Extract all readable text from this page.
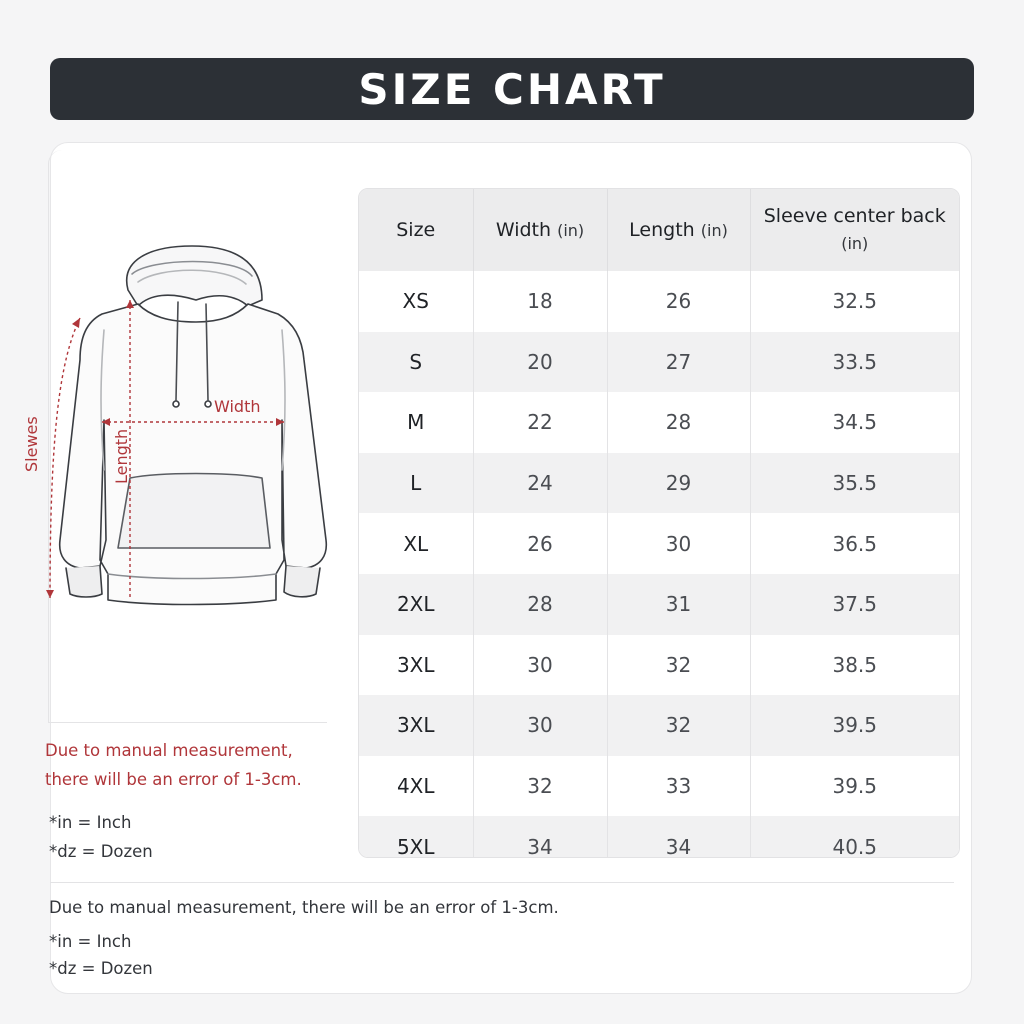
SIZE CHART
Width
Length
Slewes
Due to manual measurement,
there will be an error of 1-3cm.
*in = Inch
*dz = Dozen
Size	Width (in)	Length (in)	Sleeve center back
(in)
XS	18	26	32.5
S	20	27	33.5
M	22	28	34.5
L	24	29	35.5
XL	26	30	36.5
2XL	28	31	37.5
3XL	30	32	38.5
3XL	30	32	39.5
4XL	32	33	39.5
5XL	34	34	40.5
Due to manual measurement, there will be an error of 1-3cm.
*in = Inch
*dz = Dozen
